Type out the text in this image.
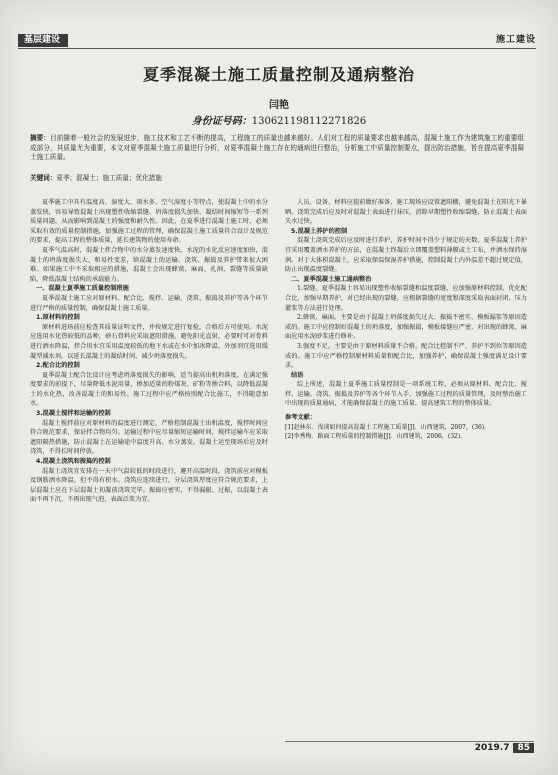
基层建设	施工建设
夏季混凝土施工质量控制及通病整治
闫艳
身份证号码：130621198112271826
摘要：目前随着一般社会的发展进步，施工技术和工艺不断的提高，工程施工的质量也越来越好。人们对工程的质量要求也越来越高，混凝土施工作为建筑施工的重要组成部分，其质量尤为重要，本文对夏季混凝土施工质量进行分析，对夏季混凝土施工存在的通病进行整治，分析施工中质量控制要点，提出防治措施，旨在提高夏季混凝土施工质量。
关键词：夏季；混凝土；施工质量；优化措施

夏季施工中具有温度高、湿度大、雨水多、空气湿度小等特点，使混凝土中的水分蒸发快，容易导致混凝土出现塑性收缩裂缝、坍落度损失加快、凝结时间缩短等一系列质量问题，从而影响到混凝土的强度和耐久性。因此，在夏季进行混凝土施工时，必须采取有效的质量控制措施，加强施工过程的管理，确保混凝土施工质量符合设计及规范的要求，提高工程的整体质量，延长建筑物的使用寿命。

夏季气温高时，混凝土拌合物中的水分蒸发速度快，水泥的水化反应速度加快，混凝土的坍落度损失大，和易性变差，给混凝土的运输、浇筑、振捣及养护带来很大困难。如果施工中不采取相应的措施，混凝土会出现蜂窝、麻面、孔洞、裂缝等质量缺陷，降低混凝土结构的承载能力。

一、混凝土夏季施工质量控制措施

夏季混凝土施工应对原材料、配合比、搅拌、运输、浇筑、振捣及养护等各个环节进行严格的质量控制，确保混凝土施工质量。

1.原材料的控制

原材料进场前应检查其质量证明文件，并按规定进行复检，合格后方可使用。水泥应选用水化热较低的品种，砂石骨料应采取遮阳措施，避免阳光直射，必要时可对骨料进行洒水降温，拌合用水宜采用温度较低的地下水或在水中加冰降温，外加剂宜选用缓凝型减水剂，以延长混凝土的凝结时间，减少坍落度损失。

2.配合比的控制

夏季混凝土配合比设计应考虑坍落度损失的影响，适当提高出机坍落度，在满足强度要求的前提下，尽量降低水泥用量，掺加适量的粉煤灰、矿粉等掺合料，以降低混凝土的水化热，改善混凝土的和易性。施工过程中应严格按照配合比施工，不得随意加水。

3.混凝土搅拌和运输的控制

混凝土搅拌前应对原材料的温度进行测定，严格控制混凝土出机温度，搅拌时间应符合规范要求，保证拌合物均匀。运输过程中应尽量缩短运输时间，搅拌运输车应采取遮阳隔热措施，防止混凝土在运输途中温度升高、水分蒸发。混凝土运至现场后应及时浇筑，不得长时间停放。

4.混凝土浇筑和振捣的控制

混凝土浇筑宜安排在一天中气温较低的时段进行，避开高温时段。浇筑前应对模板及钢筋洒水降温，但不得有积水。浇筑应连续进行，分层浇筑厚度应符合规范要求，上层混凝土应在下层混凝土初凝前浇筑完毕。振捣应密实，不得漏振、过振，以混凝土表面不再下沉、不再出现气泡、表面泛浆为宜。

人员、设备、材料应提前做好准备，施工现场应设置遮阳棚，避免混凝土在阳光下暴晒。浇筑完成后应及时对混凝土表面进行抹压，消除早期塑性收缩裂缝，防止混凝土表面失水过快。

5.混凝土养护的控制

混凝土浇筑完成后应及时进行养护，养护时间不得少于规定的天数。夏季混凝土养护宜采用覆盖洒水养护的方法，在混凝土终凝后立即覆盖塑料薄膜或土工布，并洒水保持湿润。对于大体积混凝土，应采取保温保湿养护措施，控制混凝土内外温差不超过规定值，防止出现温度裂缝。

二、夏季混凝土施工通病整治

1.裂缝。夏季混凝土容易出现塑性收缩裂缝和温度裂缝，应加强原材料控制，优化配合比，加强早期养护，对已经出现的裂缝，应根据裂缝的宽度和深度采取表面封闭、压力灌浆等方法进行处理。

2.蜂窝、麻面。主要是由于混凝土坍落度损失过大、振捣不密实、模板漏浆等原因造成的。施工中应控制好混凝土的坍落度，加强振捣，模板接缝应严密，对出现的蜂窝、麻面应用水泥砂浆进行修补。

3.强度不足。主要是由于原材料质量不合格、配合比控制不严、养护不到位等原因造成的。施工中应严格控制原材料质量和配合比，加强养护，确保混凝土强度满足设计要求。

结语

综上所述，混凝土夏季施工质量控制是一项系统工程，必须从原材料、配合比、搅拌、运输、浇筑、振捣及养护等各个环节入手，加强施工过程的质量管理，及时整治施工中出现的质量通病，才能确保混凝土的施工质量，提高建筑工程的整体质量。

参考文献：

[1]赵林东．浅谈如何提高混凝土工程施工质量[J]．山西建筑，2007，(36).

[2]李秀梅．路面工程质量的控制措施[J]．山西建筑，2006，(32).

2019.7 85
